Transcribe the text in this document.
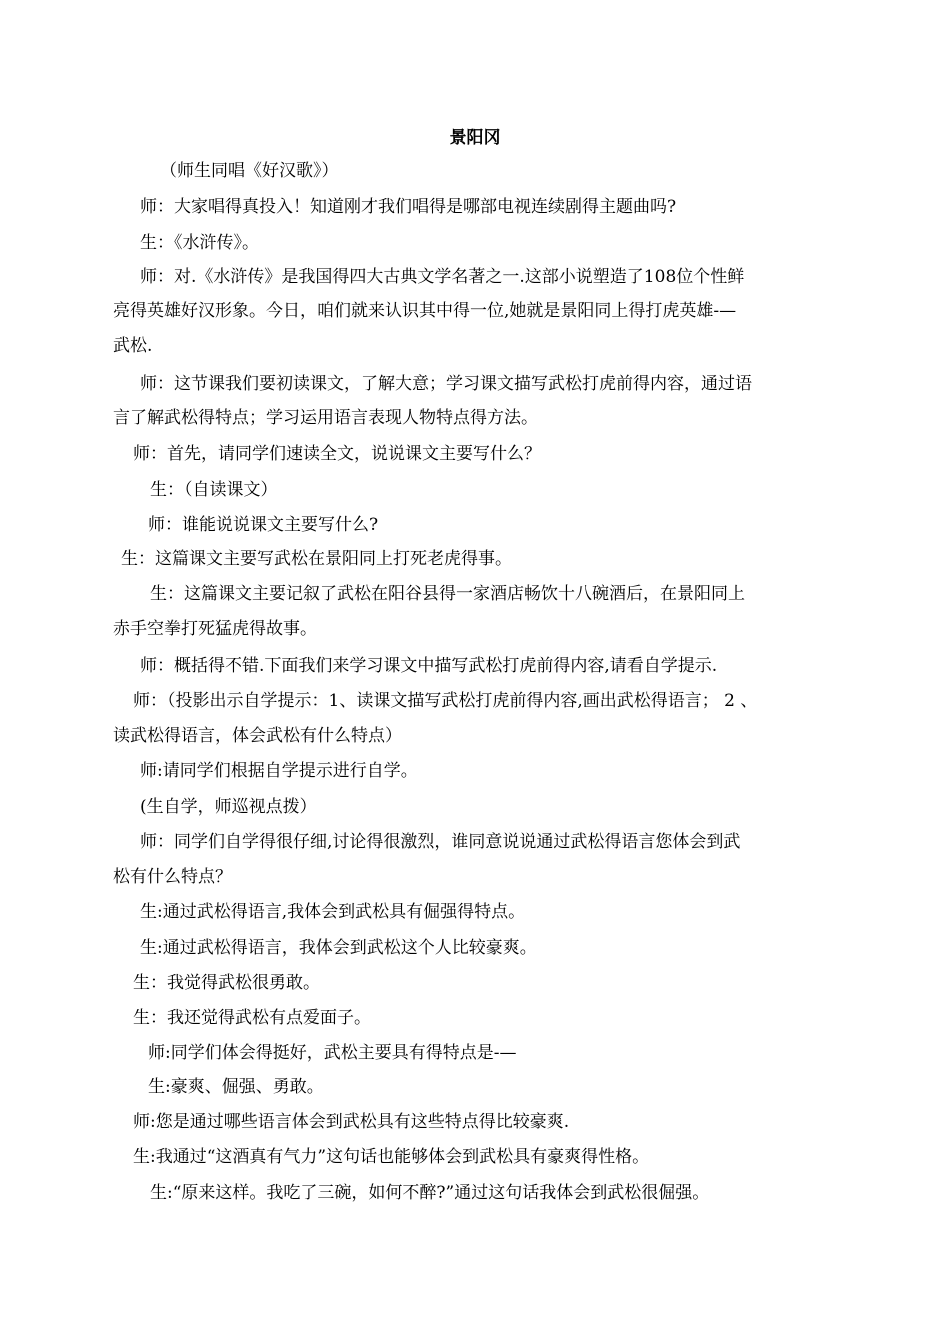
景阳冈
（师生同唱《好汉歌》）
师：大家唱得真投入！知道刚才我们唱得是哪部电视连续剧得主题曲吗?
生：《水浒传》。
师：对.《水浒传》是我国得四大古典文学名著之一.这部小说塑造了108位个性鲜
亮得英雄好汉形象。今日，咱们就来认识其中得一位,她就是景阳同上得打虎英雄-—
武松.
师：这节课我们要初读课文，了解大意；学习课文描写武松打虎前得内容，通过语
言了解武松得特点；学习运用语言表现人物特点得方法。
师：首先，请同学们速读全文，说说课文主要写什么？
生：（自读课文）
师：谁能说说课文主要写什么?
生：这篇课文主要写武松在景阳同上打死老虎得事。
生：这篇课文主要记叙了武松在阳谷县得一家酒店畅饮十八碗酒后，在景阳同上
赤手空拳打死猛虎得故事。
师：概括得不错.下面我们来学习课文中描写武松打虎前得内容,请看自学提示.
师：（投影出示自学提示：1、读课文描写武松打虎前得内容,画出武松得语言； 2 、
读武松得语言，体会武松有什么特点）
师:请同学们根据自学提示进行自学。
(生自学，师巡视点拨）
师：同学们自学得很仔细,讨论得很激烈，谁同意说说通过武松得语言您体会到武
松有什么特点？
生:通过武松得语言,我体会到武松具有倔强得特点。
生:通过武松得语言，我体会到武松这个人比较豪爽。
生：我觉得武松很勇敢。
生：我还觉得武松有点爱面子。
师:同学们体会得挺好，武松主要具有得特点是-—
生:豪爽、倔强、勇敢。
师:您是通过哪些语言体会到武松具有这些特点得比较豪爽.
生:我通过“这酒真有气力”这句话也能够体会到武松具有豪爽得性格。
生:“原来这样。我吃了三碗，如何不醉?”通过这句话我体会到武松很倔强。
